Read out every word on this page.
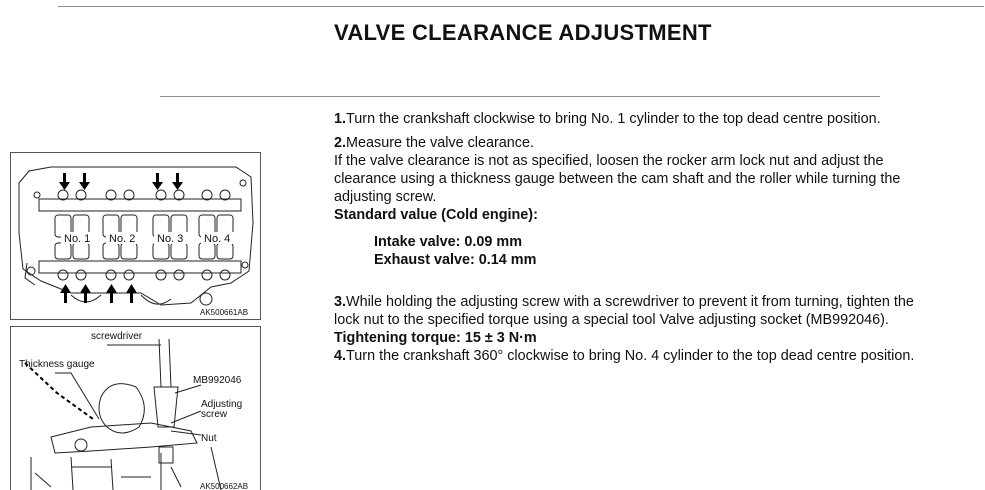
VALVE CLEARANCE ADJUSTMENT

1.Turn the crankshaft clockwise to bring No. 1 cylinder to the top dead centre position.

2.Measure the valve clearance.

If the valve clearance is not as specified, loosen the rocker arm lock nut and adjust the clearance using a thickness gauge between the cam shaft and the roller while turning the adjusting screw.

Standard value (Cold engine):

Intake valve: 0.09 mm

Exhaust valve: 0.14 mm

3.While holding the adjusting screw with a screwdriver to prevent it from turning, tighten the lock nut to the specified torque using a special tool Valve adjusting socket (MB992046).

Tightening torque: 15 ± 3 N·m

4.Turn the crankshaft 360° clockwise to bring No. 4 cylinder to the top dead centre position.

No. 1 No. 2 No. 3 No. 4
AK500661AB
screwdriver
Thickness gauge
MB992046
Adjusting
screw
Nut
AK500662AB
